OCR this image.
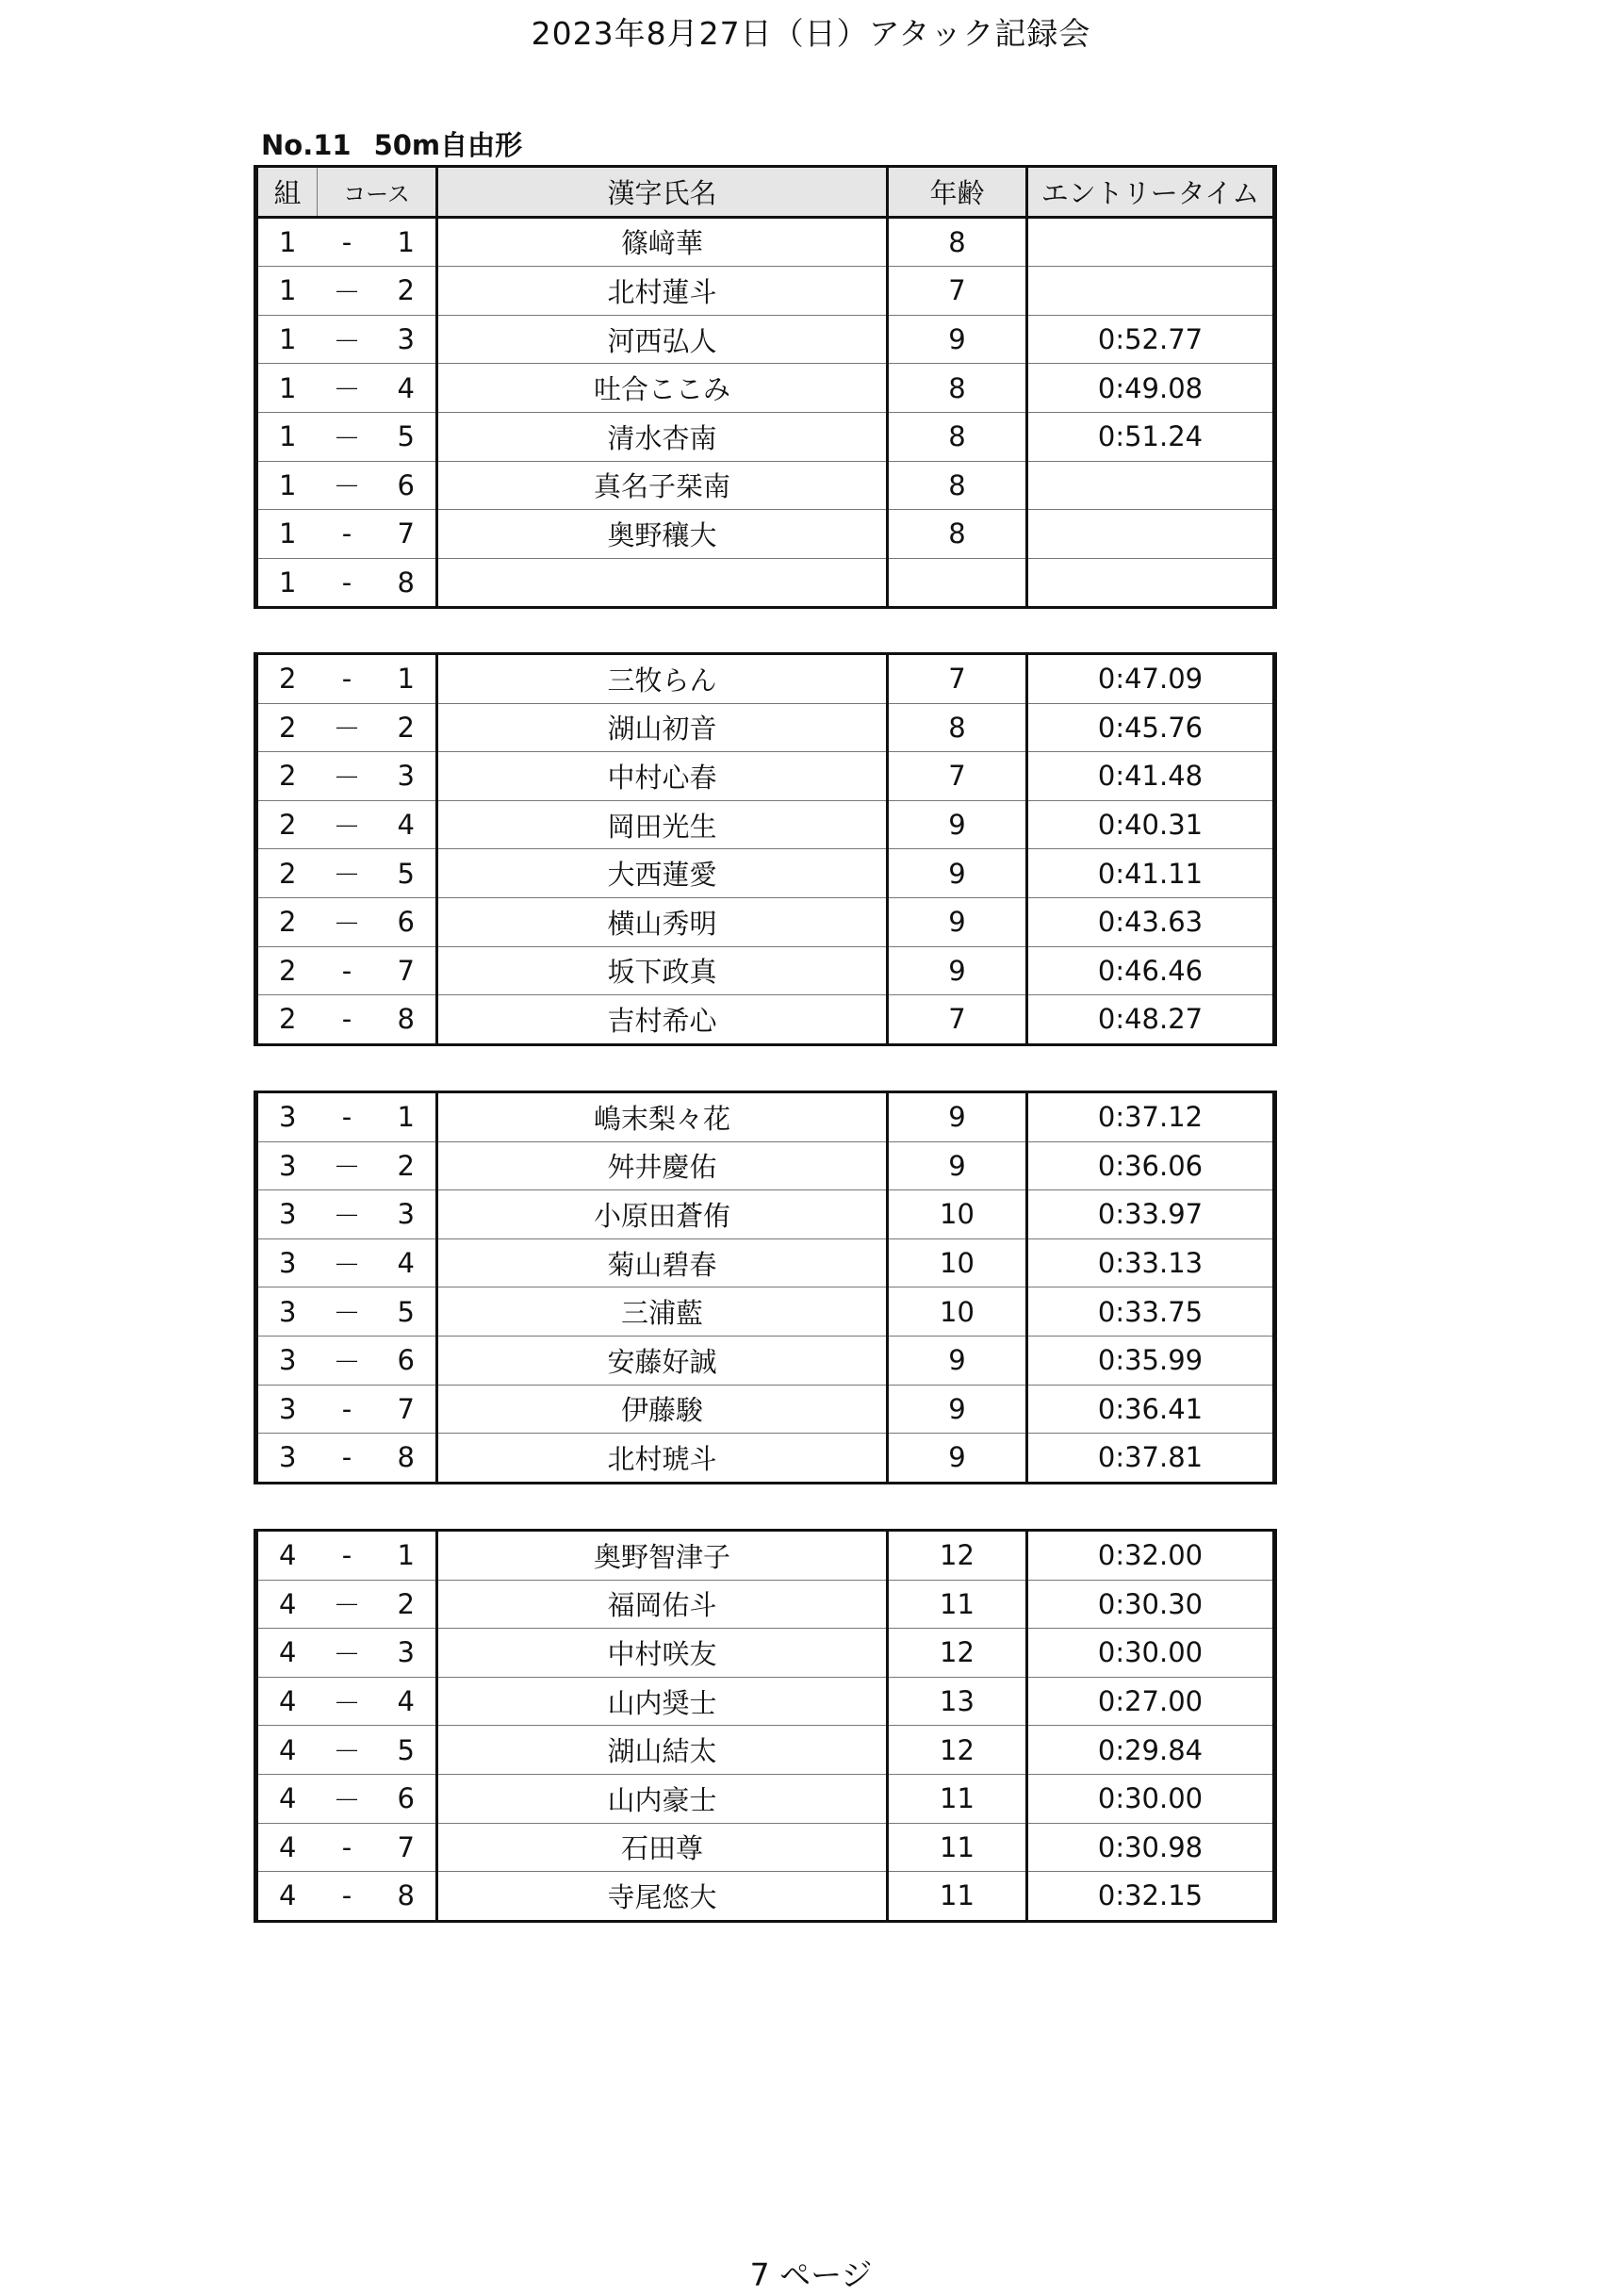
2023年8月27日（日）アタック記録会
No.11 50m自由形
組	コース		漢字氏名	年齢	エントリータイム
1	-	1	篠﨑華	8	
1	－	2	北村蓮斗	7	
1	－	3	河西弘人	9	0:52.77
1	－	4	吐合ここみ	8	0:49.08
1	－	5	清水杏南	8	0:51.24
1	－	6	真名子栞南	8	
1	-	7	奥野穰大	8	
1	-	8			
2	-	1	三牧らん	7	0:47.09
2	－	2	湖山初音	8	0:45.76
2	－	3	中村心春	7	0:41.48
2	－	4	岡田光生	9	0:40.31
2	－	5	大西蓮愛	9	0:41.11
2	－	6	横山秀明	9	0:43.63
2	-	7	坂下政真	9	0:46.46
2	-	8	吉村希心	7	0:48.27
3	-	1	嶋末梨々花	9	0:37.12
3	－	2	舛井慶佑	9	0:36.06
3	－	3	小原田蒼侑	10	0:33.97
3	－	4	菊山碧春	10	0:33.13
3	－	5	三浦藍	10	0:33.75
3	－	6	安藤好誠	9	0:35.99
3	-	7	伊藤駿	9	0:36.41
3	-	8	北村琥斗	9	0:37.81
4	-	1	奥野智津子	12	0:32.00
4	－	2	福岡佑斗	11	0:30.30
4	－	3	中村咲友	12	0:30.00
4	－	4	山内奨士	13	0:27.00
4	－	5	湖山結太	12	0:29.84
4	－	6	山内豪士	11	0:30.00
4	-	7	石田尊	11	0:30.98
4	-	8	寺尾悠大	11	0:32.15
7 ページ
